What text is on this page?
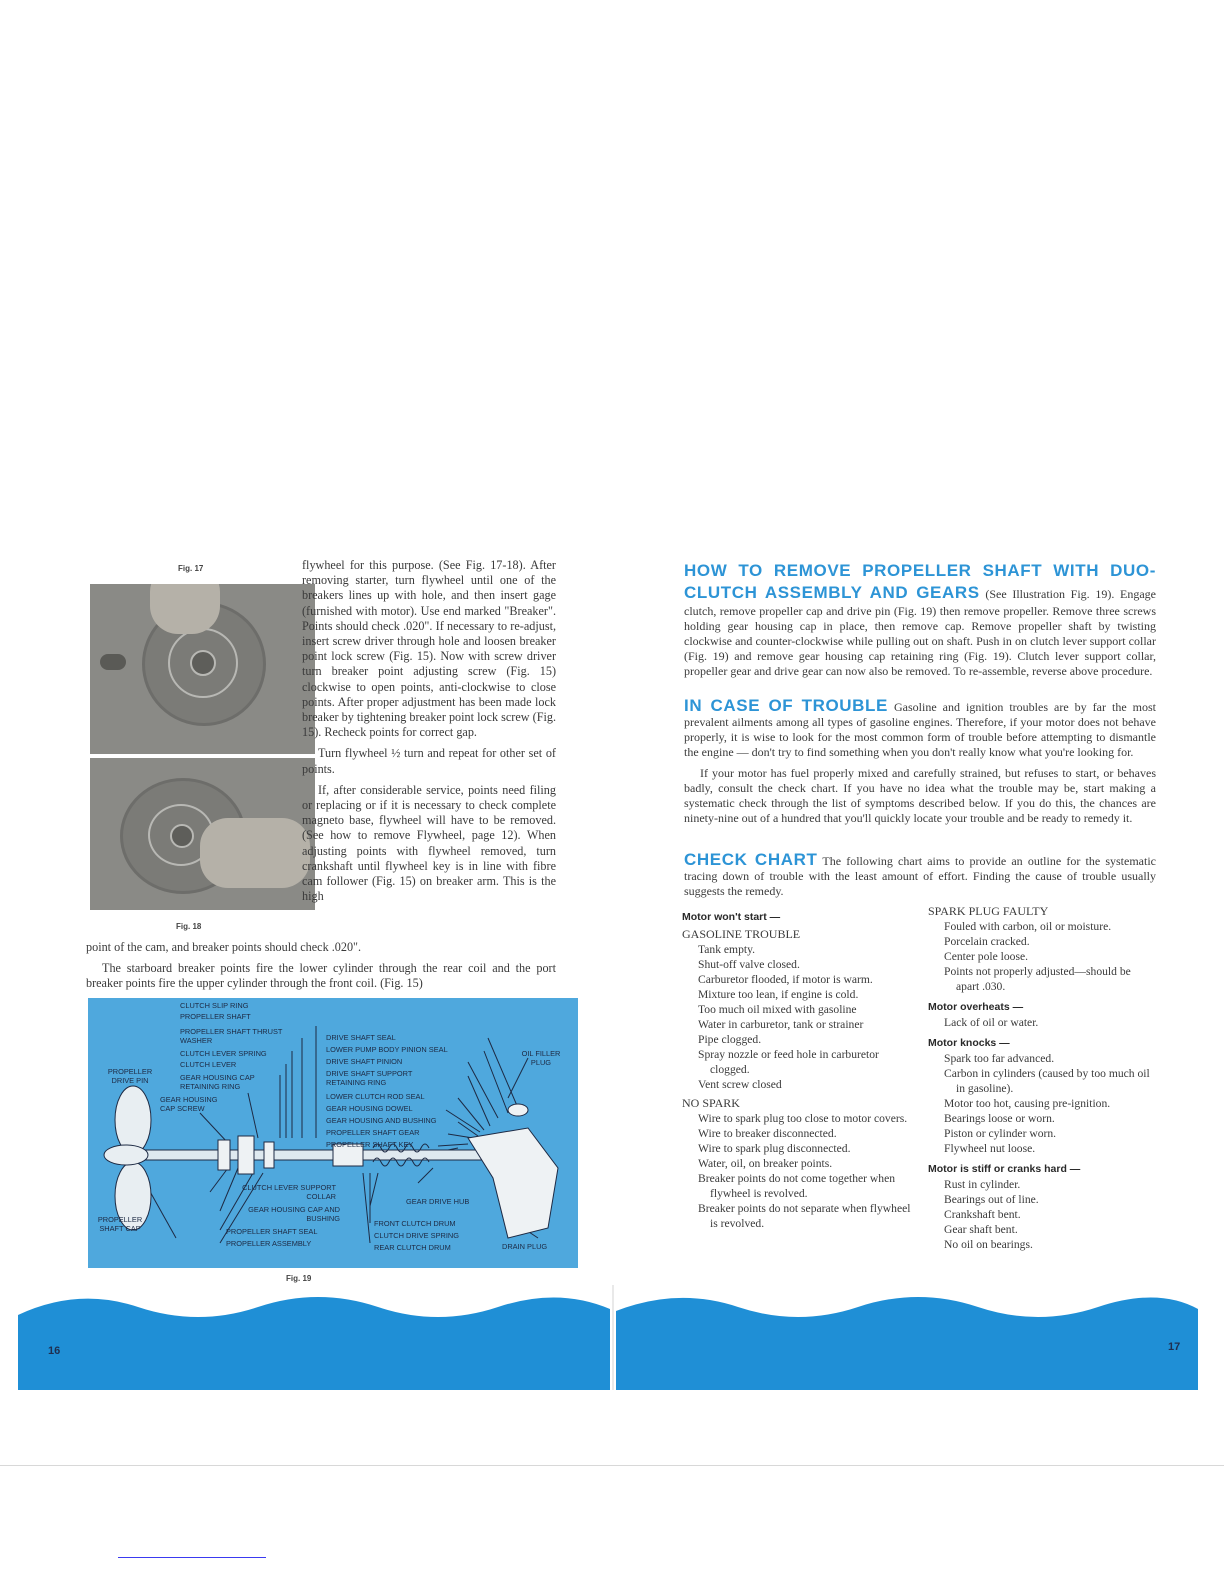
Fig. 17
Fig. 18

flywheel for this purpose. (See Fig. 17-18). After removing starter, turn flywheel until one of the breakers lines up with hole, and then insert gage (furnished with motor). Use end marked "Breaker". Points should check .020". If necessary to re-adjust, insert screw driver through hole and loosen breaker point lock screw (Fig. 15). Now with screw driver turn breaker point adjusting screw (Fig. 15) clockwise to open points, anti-clockwise to close points. After proper adjustment has been made lock breaker by tightening breaker point lock screw (Fig. 15). Recheck points for correct gap.

Turn flywheel ½ turn and repeat for other set of points.

If, after considerable service, points need filing or replacing or if it is necessary to check complete magneto base, flywheel will have to be removed. (See how to remove Flywheel, page 12). When adjusting points with flywheel removed, turn crankshaft until flywheel key is in line with fibre cam follower (Fig. 15) on breaker arm. This is the high

point of the cam, and breaker points should check .020".

The starboard breaker points fire the lower cylinder through the rear coil and the port breaker points fire the upper cylinder through the front coil. (Fig. 15)

CLUTCH SLIP RING
PROPELLER SHAFT
PROPELLER SHAFT THRUST WASHER
CLUTCH LEVER SPRING
CLUTCH LEVER
GEAR HOUSING CAP RETAINING RING
GEAR HOUSING CAP SCREW
PROPELLER DRIVE PIN
DRIVE SHAFT SEAL
LOWER PUMP BODY PINION SEAL
DRIVE SHAFT PINION
DRIVE SHAFT SUPPORT RETAINING RING
LOWER CLUTCH ROD SEAL
GEAR HOUSING DOWEL
GEAR HOUSING AND BUSHING
PROPELLER SHAFT GEAR
PROPELLER SHAFT KEY
OIL FILLER PLUG
CLUTCH LEVER SUPPORT COLLAR
GEAR HOUSING CAP AND BUSHING
PROPELLER SHAFT SEAL
PROPELLER ASSEMBLY
PROPELLER SHAFT CAP
GEAR DRIVE HUB
FRONT CLUTCH DRUM
CLUTCH DRIVE SPRING
REAR CLUTCH DRUM	DRAIN PLUG
Fig. 19
HOW TO REMOVE PROPELLER SHAFT WITH DUO-CLUTCH ASSEMBLY AND GEARS (See Illustration Fig. 19). Engage clutch, remove propeller cap and drive pin (Fig. 19) then remove propeller. Remove three screws holding gear housing cap in place, then remove cap. Remove propeller shaft by twisting clockwise and counter-clockwise while pulling out on shaft. Push in on clutch lever support collar (Fig. 19) and remove gear housing cap retaining ring (Fig. 19). Clutch lever support collar, propeller gear and drive gear can now also be removed. To re-assemble, reverse above procedure.

IN CASE OF TROUBLE Gasoline and ignition troubles are by far the most prevalent ailments among all types of gasoline engines. Therefore, if your motor does not behave properly, it is wise to look for the most common form of trouble before attempting to dismantle the engine — don't try to find something when you don't really know what you're looking for.

If your motor has fuel properly mixed and carefully strained, but refuses to start, or behaves badly, consult the check chart. If you have no idea what the trouble may be, start making a systematic check through the list of symptoms described below. If you do this, the chances are ninety-nine out of a hundred that you'll quickly locate your trouble and be ready to remedy it.

CHECK CHART The following chart aims to provide an outline for the systematic tracing down of trouble with the least amount of effort. Finding the cause of trouble usually suggests the remedy.
Motor won't start —
GASOLINE TROUBLE
Tank empty.
Shut-off valve closed.
Carburetor flooded, if motor is warm.
Mixture too lean, if engine is cold.
Too much oil mixed with gasoline
Water in carburetor, tank or strainer
Pipe clogged.
Spray nozzle or feed hole in carburetor clogged.
Vent screw closed
NO SPARK
Wire to spark plug too close to motor covers.
Wire to breaker disconnected.
Wire to spark plug disconnected.
Water, oil, on breaker points.
Breaker points do not come together when flywheel is revolved.
Breaker points do not separate when flywheel is revolved.
SPARK PLUG FAULTY
Fouled with carbon, oil or moisture.
Porcelain cracked.
Center pole loose.
Points not properly adjusted—should be apart .030.
Motor overheats —
Lack of oil or water.
Motor knocks —
Spark too far advanced.
Carbon in cylinders (caused by too much oil in gasoline).
Motor too hot, causing pre-ignition.
Bearings loose or worn.
Piston or cylinder worn.
Flywheel nut loose.
Motor is stiff or cranks hard —
Rust in cylinder.
Bearings out of line.
Crankshaft bent.
Gear shaft bent.
No oil on bearings.
16	17
